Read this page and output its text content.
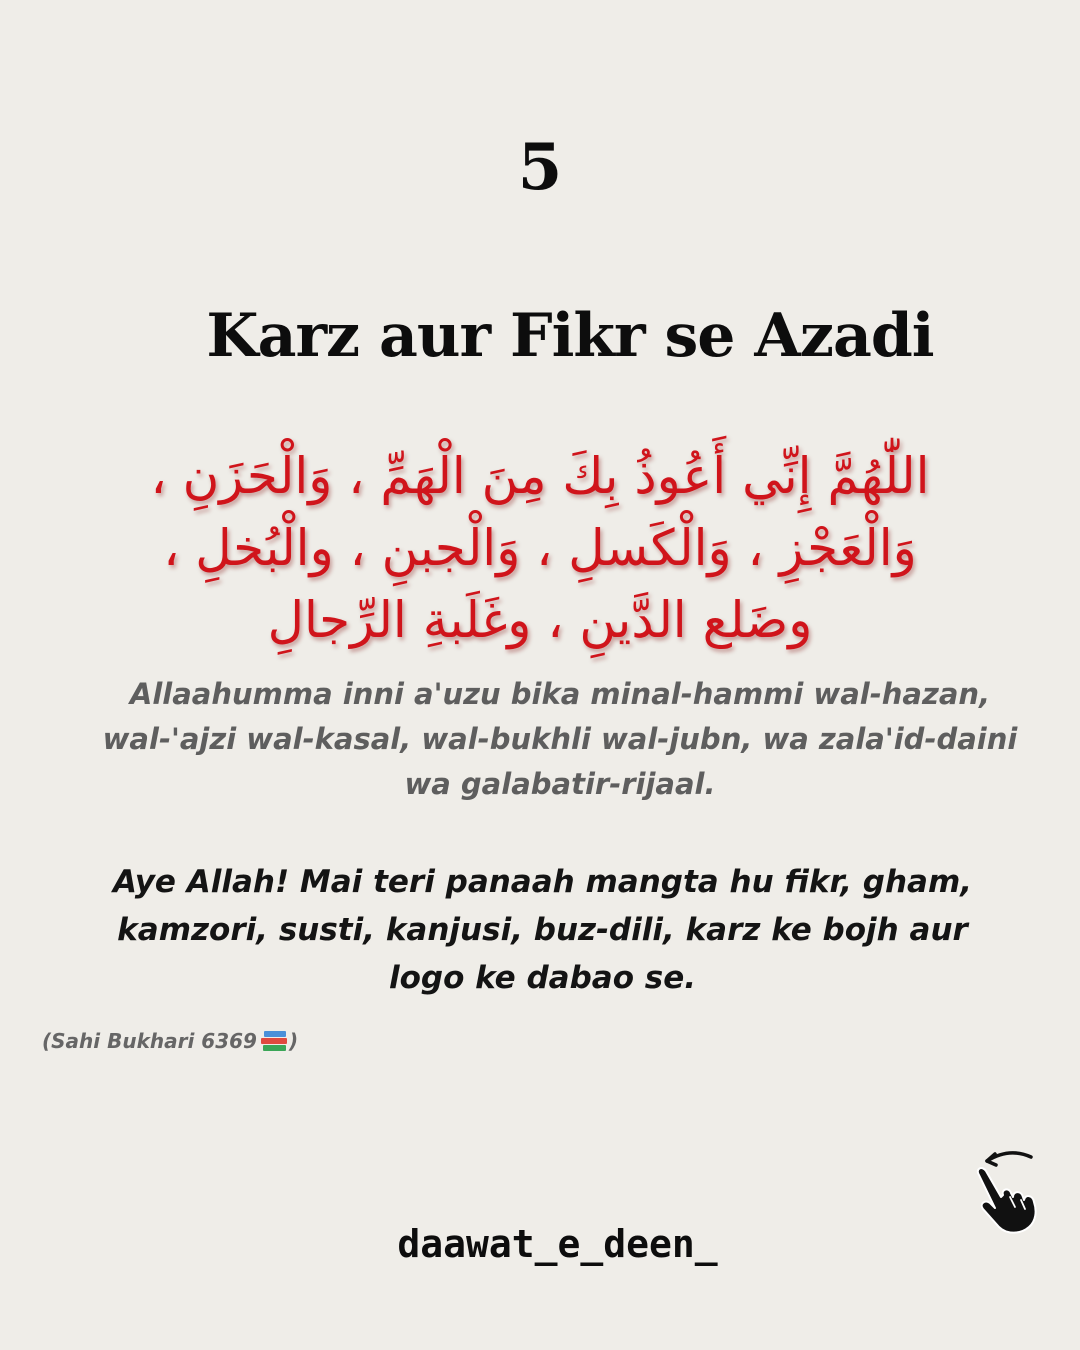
5
Karz aur Fikr se Azadi
اللّٰهُمَّ إِنِّي أَعُوذُ بِكَ مِنَ الْهَمِّ ، وَالْحَزَنِ ، وَالْعَجْزِ ، وَالْكَسلِ ، وَالْجبنِ ، والْبُخلِ ، وضَلع الدَّينِ ، وغَلَبةِ الرِّجالِ
Allaahumma inni a'uzu bika minal-hammi wal-hazan, wal-'ajzi wal-kasal, wal-bukhli wal-jubn, wa zala'id-daini wa galabatir-rijaal.
Aye Allah! Mai teri panaah mangta hu fikr, gham, kamzori, susti, kanjusi, buz-dili, karz ke bojh aur logo ke dabao se.
(Sahi Bukhari 6369 )
daawat_e_deen_
